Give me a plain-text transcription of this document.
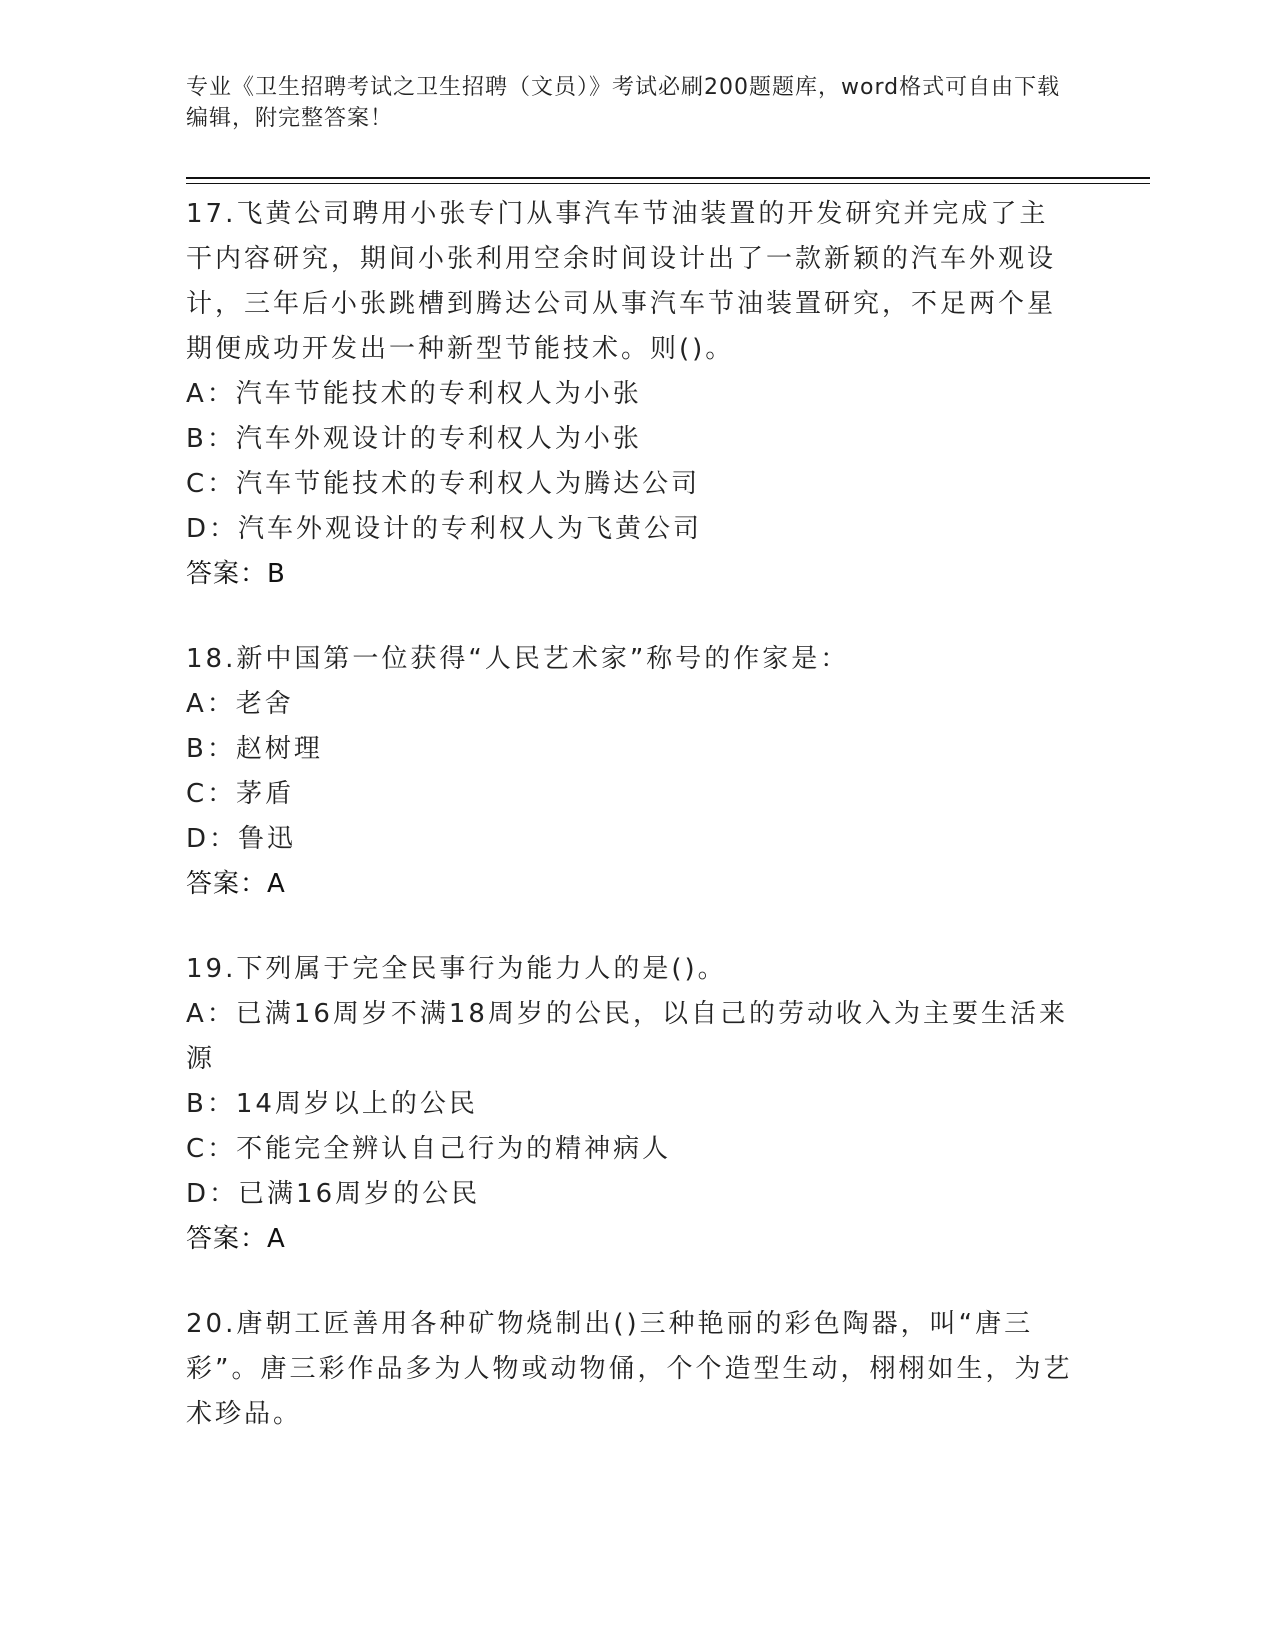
专业《卫生招聘考试之卫生招聘（文员）》考试必刷200题题库，word格式可自由下载编辑，附完整答案！
17.飞黄公司聘用小张专门从事汽车节油装置的开发研究并完成了主干内容研究，期间小张利用空余时间设计出了一款新颖的汽车外观设计，三年后小张跳槽到腾达公司从事汽车节油装置研究，不足两个星期便成功开发出一种新型节能技术。则()。
A：汽车节能技术的专利权人为小张
B：汽车外观设计的专利权人为小张
C：汽车节能技术的专利权人为腾达公司
D：汽车外观设计的专利权人为飞黄公司
答案：B
18.新中国第一位获得“人民艺术家”称号的作家是：
A：老舍
B：赵树理
C：茅盾
D：鲁迅
答案：A
19.下列属于完全民事行为能力人的是()。
A：已满16周岁不满18周岁的公民，以自己的劳动收入为主要生活来源
B：14周岁以上的公民
C：不能完全辨认自己行为的精神病人
D：已满16周岁的公民
答案：A
20.唐朝工匠善用各种矿物烧制出()三种艳丽的彩色陶器，叫“唐三彩”。唐三彩作品多为人物或动物俑，个个造型生动，栩栩如生，为艺术珍品。
